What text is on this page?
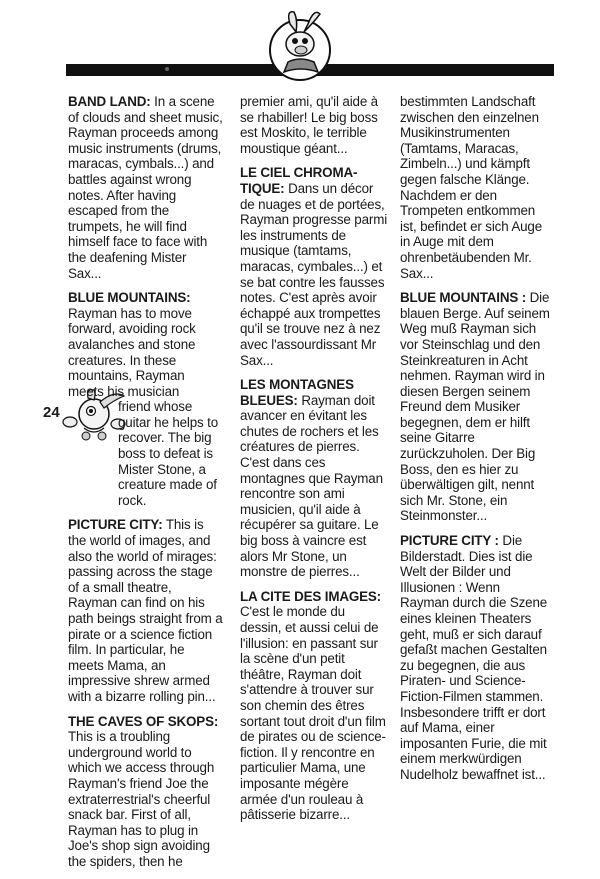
24

BAND LAND: In a scene of clouds and sheet music, Rayman proceeds among music instruments (drums, maracas, cymbals...) and battles against wrong notes. After having escaped from the trumpets, he will find himself face to face with the deafening Mister Sax...

BLUE MOUNTAINS: Rayman has to move forward, avoiding rock avalanches and stone creatures. In these mountains, Rayman meets his musician

friend whose guitar he helps to recover. The big boss to defeat is Mister Stone, a creature made of rock.

PICTURE CITY: This is the world of images, and also the world of mirages: passing across the stage of a small theatre, Rayman can find on his path beings straight from a pirate or a science fiction film. In particular, he meets Mama, an impressive shrew armed with a bizarre rolling pin...

THE CAVES OF SKOPS: This is a troubling underground world to which we access through Rayman's friend Joe the extraterrestrial's cheerful snack bar. First of all, Rayman has to plug in Joe's shop sign avoiding the spiders, then he

premier ami, qu'il aide à se rhabiller! Le big boss est Moskito, le terrible moustique géant...

LE CIEL CHROMA-TIQUE: Dans un décor de nuages et de portées, Rayman progresse parmi les instruments de musique (tamtams, maracas, cymbales...) et se bat contre les fausses notes. C'est après avoir échappé aux trompettes qu'il se trouve nez à nez avec l'assourdissant Mr Sax...

LES MONTAGNES BLEUES: Rayman doit avancer en évitant les chutes de rochers et les créatures de pierres. C'est dans ces montagnes que Rayman rencontre son ami musicien, qu'il aide à récupérer sa guitare. Le big boss à vaincre est alors Mr Stone, un monstre de pierres...

LA CITE DES IMAGES: C'est le monde du dessin, et aussi celui de l'illusion: en passant sur la scène d'un petit théâtre, Rayman doit s'attendre à trouver sur son chemin des êtres sortant tout droit d'un film de pirates ou de science-fiction. Il y rencontre en particulier Mama, une imposante mégère armée d'un rouleau à pâtisserie bizarre...

bestimmten Landschaft zwischen den einzelnen Musikinstrumenten (Tamtams, Maracas, Zimbeln...) und kämpft gegen falsche Klänge. Nachdem er den Trompeten entkommen ist, befindet er sich Auge in Auge mit dem ohrenbetäubenden Mr. Sax...

BLUE MOUNTAINS : Die blauen Berge. Auf seinem Weg muß Rayman sich vor Steinschlag und den Steinkreaturen in Acht nehmen. Rayman wird in diesen Bergen seinem Freund dem Musiker begegnen, dem er hilft seine Gitarre zurückzuholen. Der Big Boss, den es hier zu überwältigen gilt, nennt sich Mr. Stone, ein Steinmonster...

PICTURE CITY : Die Bilderstadt. Dies ist die Welt der Bilder und Illusionen : Wenn Rayman durch die Szene eines kleinen Theaters geht, muß er sich darauf gefaßt machen Gestalten zu begegnen, die aus Piraten- und Science-Fiction-Filmen stammen. Insbesondere trifft er dort auf Mama, einer imposanten Furie, die mit einem merkwürdigen Nudelholz bewaffnet ist...
